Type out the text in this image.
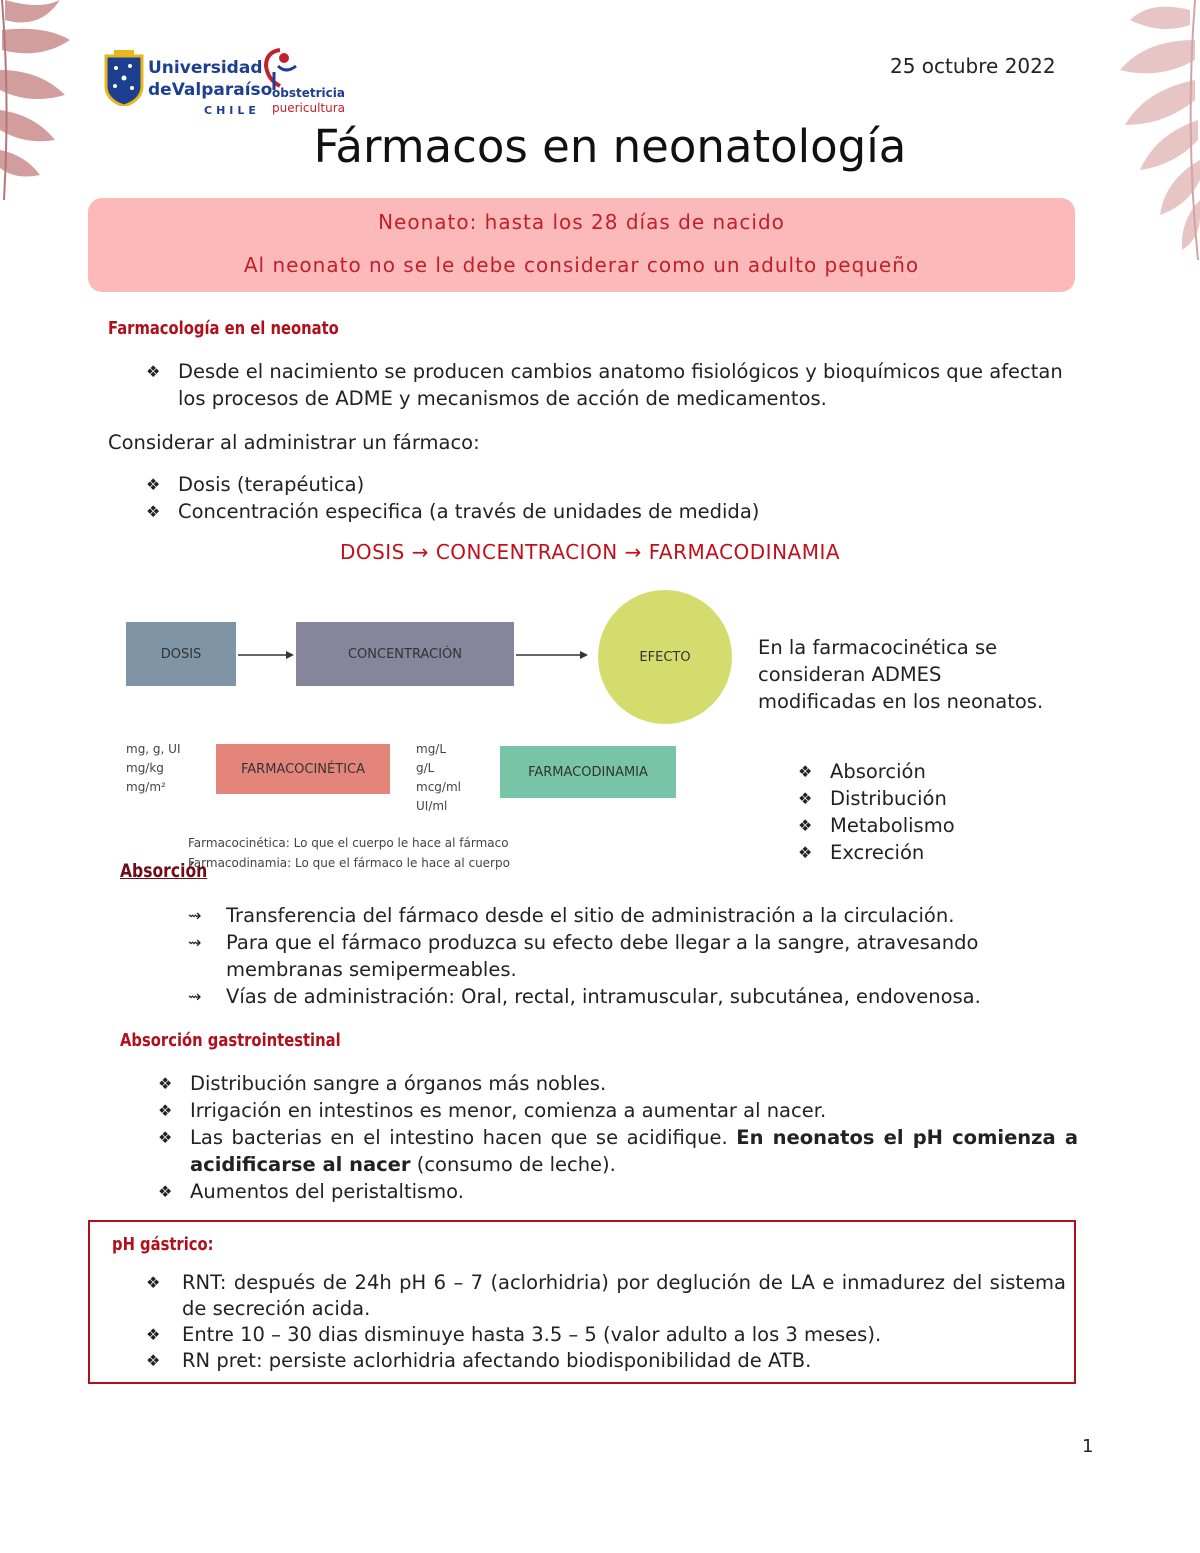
Universidad
deValparaíso
CHILE
obstetricia
puericultura
25 octubre 2022
Fármacos en neonatología
Neonato: hasta los 28 días de nacido
Al neonato no se le debe considerar como un adulto pequeño
Farmacología en el neonato
❖ Desde el nacimiento se producen cambios anatomo fisiológicos y bioquímicos que afectan los procesos de ADME y mecanismos de acción de medicamentos.
Considerar al administrar un fármaco:
❖ Dosis (terapéutica)
❖ Concentración especifica (a través de unidades de medida)
DOSIS → CONCENTRACION → FARMACODINAMIA
DOSIS	CONCENTRACIÓN	EFECTO
FARMACOCINÉTICA	FARMACODINAMIA
mg, g, UI
mg/kg
mg/m²
mg/L
g/L
mcg/ml
UI/ml
Farmacocinética: Lo que el cuerpo le hace al fármaco
Farmacodinamia: Lo que el fármaco le hace al cuerpo
En la farmacocinética se consideran ADMES modificadas en los neonatos.
❖ Absorción
❖ Distribución
❖ Metabolismo
❖ Excreción
Absorción
⇝ Transferencia del fármaco desde el sitio de administración a la circulación.
⇝ Para que el fármaco produzca su efecto debe llegar a la sangre, atravesando membranas semipermeables.
⇝ Vías de administración: Oral, rectal, intramuscular, subcutánea, endovenosa.
Absorción gastrointestinal
❖ Distribución sangre a órganos más nobles.
❖ Irrigación en intestinos es menor, comienza a aumentar al nacer.
❖ Las bacterias en el intestino hacen que se acidifique. En neonatos el pH comienza a acidificarse al nacer (consumo de leche).
❖ Aumentos del peristaltismo.
pH gástrico:
❖ RNT: después de 24h pH 6 – 7 (aclorhidria) por deglución de LA e inmadurez del sistema de secreción acida.
❖ Entre 10 – 30 dias disminuye hasta 3.5 – 5 (valor adulto a los 3 meses).
❖ RN pret: persiste aclorhidria afectando biodisponibilidad de ATB.
1
